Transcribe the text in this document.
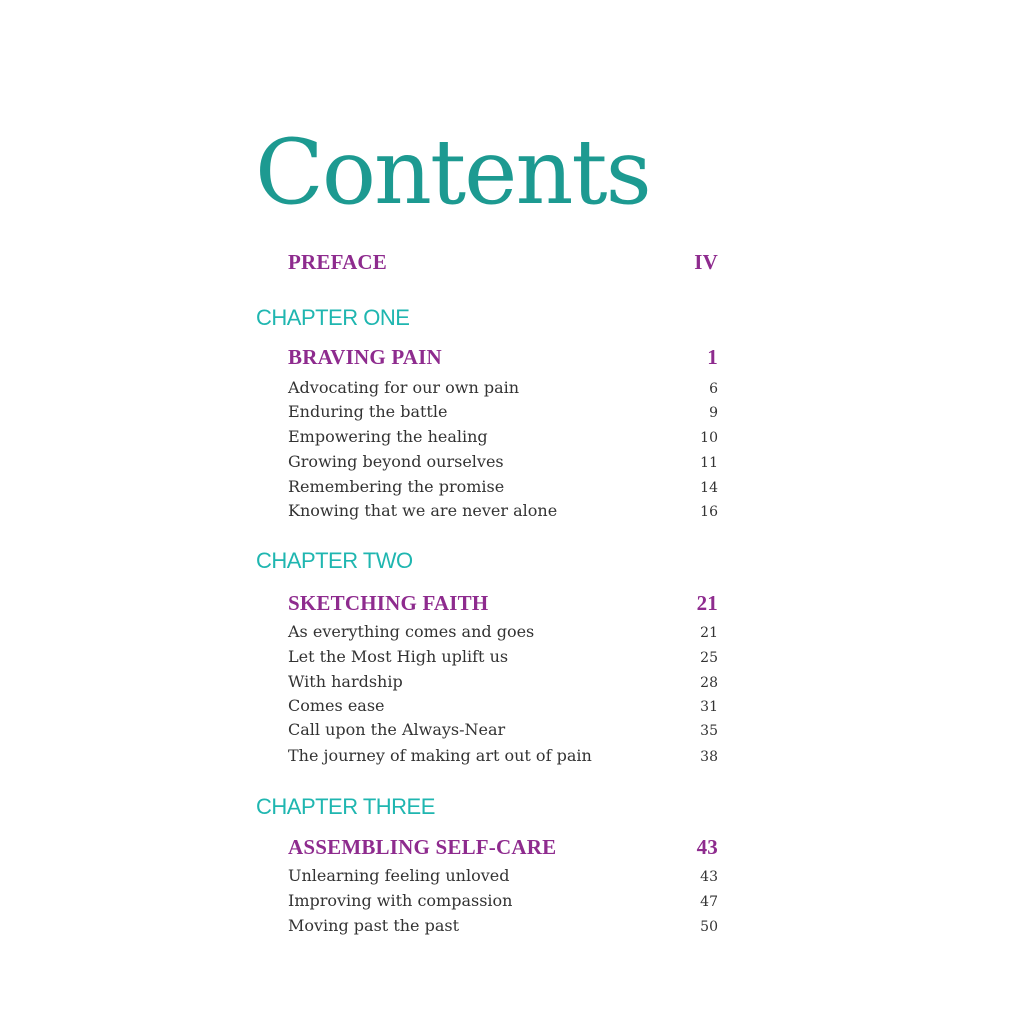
Contents
PREFACE	IV
CHAPTER ONE
BRAVING PAIN	1
Advocating for our own pain	6
Enduring the battle	9
Empowering the healing	10
Growing beyond ourselves	11
Remembering the promise	14
Knowing that we are never alone	16
CHAPTER TWO
SKETCHING FAITH	21
As everything comes and goes	21
Let the Most High uplift us	25
With hardship	28
Comes ease	31
Call upon the Always-Near	35
The journey of making art out of pain	38
CHAPTER THREE
ASSEMBLING SELF-CARE	43
Unlearning feeling unloved	43
Improving with compassion	47
Moving past the past	50
